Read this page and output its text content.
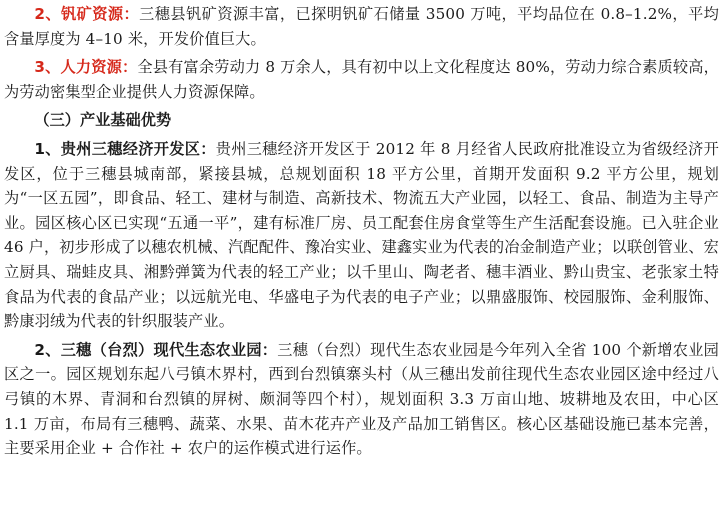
2、钒矿资源：三穗县钒矿资源丰富，已探明钒矿石储量 3500 万吨，平均品位在 0.8–1.2%，平均含量厚度为 4–10 米，开发价值巨大。

3、人力资源：全县有富余劳动力 8 万余人，具有初中以上文化程度达 80%，劳动力综合素质较高，为劳动密集型企业提供人力资源保障。

（三）产业基础优势

1、贵州三穗经济开发区：贵州三穗经济开发区于 2012 年 8 月经省人民政府批准设立为省级经济开发区，位于三穗县城南部，紧接县城，总规划面积 18 平方公里，首期开发面积 9.2 平方公里，规划为“一区五园”，即食品、轻工、建材与制造、高新技术、物流五大产业园，以轻工、食品、制造为主导产业。园区核心区已实现“五通一平”，建有标准厂房、员工配套住房食堂等生产生活配套设施。已入驻企业 46 户，初步形成了以穗农机械、汽配配件、豫冶实业、建鑫实业为代表的冶金制造产业；以联创管业、宏立厨具、瑞蛙皮具、湘黔弹簧为代表的轻工产业；以千里山、陶老者、穗丰酒业、黔山贵宝、老张家土特食品为代表的食品产业；以远航光电、华盛电子为代表的电子产业；以鼎盛服饰、校园服饰、金利服饰、黔康羽绒为代表的针织服装产业。

2、三穗（台烈）现代生态农业园：三穗（台烈）现代生态农业园是今年列入全省 100 个新增农业园区之一。园区规划东起八弓镇木界村，西到台烈镇寨头村（从三穗出发前往现代生态农业园区途中经过八弓镇的木界、青洞和台烈镇的屏树、颇洞等四个村），规划面积 3.3 万亩山地、坡耕地及农田，中心区 1.1 万亩，布局有三穗鸭、蔬菜、水果、苗木花卉产业及产品加工销售区。核心区基础设施已基本完善，主要采用企业 + 合作社 + 农户的运作模式进行运作。
